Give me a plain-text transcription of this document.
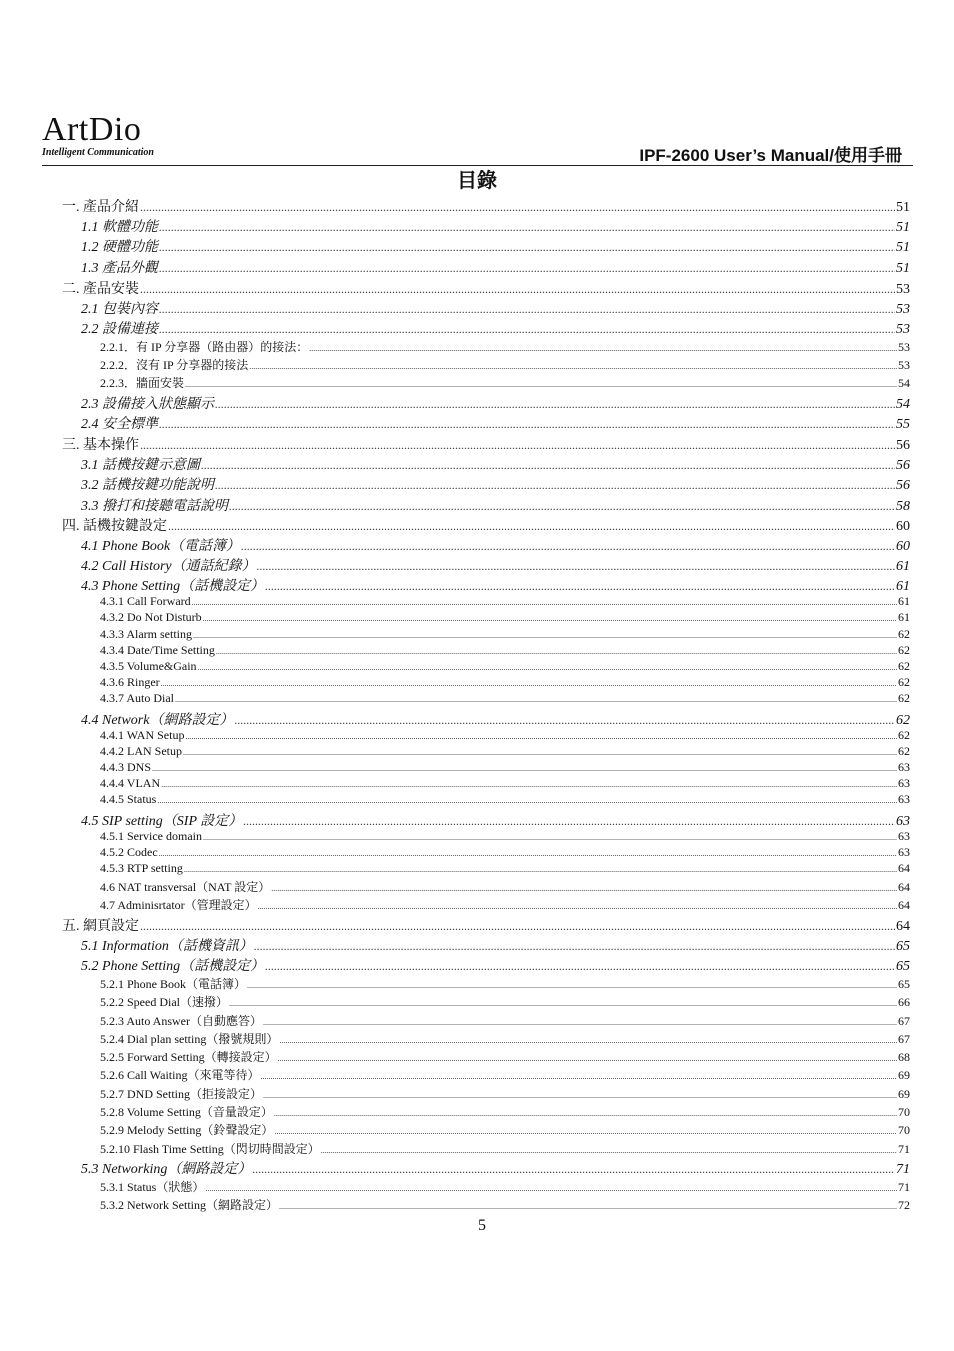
ArtDio
Intelligent Communication	IPF-2600 User’s Manual/使用手冊
目錄
一. 產品介紹 .....	51
1.1 軟體功能 .....	51
1.2 硬體功能 .....	51
1.3 產品外觀 .....	51
二. 產品安裝 .....	53
2.1 包裝內容 .....	53
2.2 設備連接 .....	53
2.2.1．有 IP 分享器（路由器）的接法： .....	53
2.2.2．沒有 IP 分享器的接法 .....	53
2.2.3．牆面安裝 .....	54
2.3 設備接入狀態顯示 .....	54
2.4 安全標準 .....	55
三. 基本操作 .....	56
3.1 話機按鍵示意圖 .....	56
3.2 話機按鍵功能說明 .....	56
3.3 撥打和接聽電話說明 .....	58
四. 話機按鍵設定 .....	60
4.1 Phone Book（電話簿） .....	60
4.2 Call History（通話紀錄） .....	61
4.3 Phone Setting（話機設定） .....	61
4.3.1 Call Forward .....	61
4.3.2 Do Not Disturb .....	61
4.3.3 Alarm setting .....	62
4.3.4 Date/Time Setting .....	62
4.3.5 Volume&Gain .....	62
4.3.6 Ringer .....	62
4.3.7 Auto Dial .....	62
4.4 Network（網路設定） .....	62
4.4.1 WAN Setup .....	62
4.4.2 LAN Setup .....	62
4.4.3 DNS .....	63
4.4.4 VLAN .....	63
4.4.5 Status .....	63
4.5 SIP setting（SIP 設定） .....	63
4.5.1 Service domain .....	63
4.5.2 Codec .....	63
4.5.3 RTP setting .....	64
4.6 NAT transversal（NAT 設定） .....	64
4.7 Adminisrtator（管理設定） .....	64
五. 網頁設定 .....	64
5.1 Information（話機資訊） .....	65
5.2 Phone Setting（話機設定） .....	65
5.2.1 Phone Book（電話簿） .....	65
5.2.2 Speed Dial（速撥） .....	66
5.2.3 Auto Answer（自動應答） .....	67
5.2.4 Dial plan setting（撥號規則） .....	67
5.2.5 Forward Setting（轉接設定） .....	68
5.2.6 Call Waiting（來電等待） .....	69
5.2.7 DND Setting（拒接設定） .....	69
5.2.8 Volume Setting（音量設定） .....	70
5.2.9 Melody Setting（鈴聲設定） .....	70
5.2.10 Flash Time Setting（閃切時間設定） .....	71
5.3 Networking（網路設定） .....	71
5.3.1 Status（狀態） .....	71
5.3.2 Network Setting（網路設定） .....	72
5
